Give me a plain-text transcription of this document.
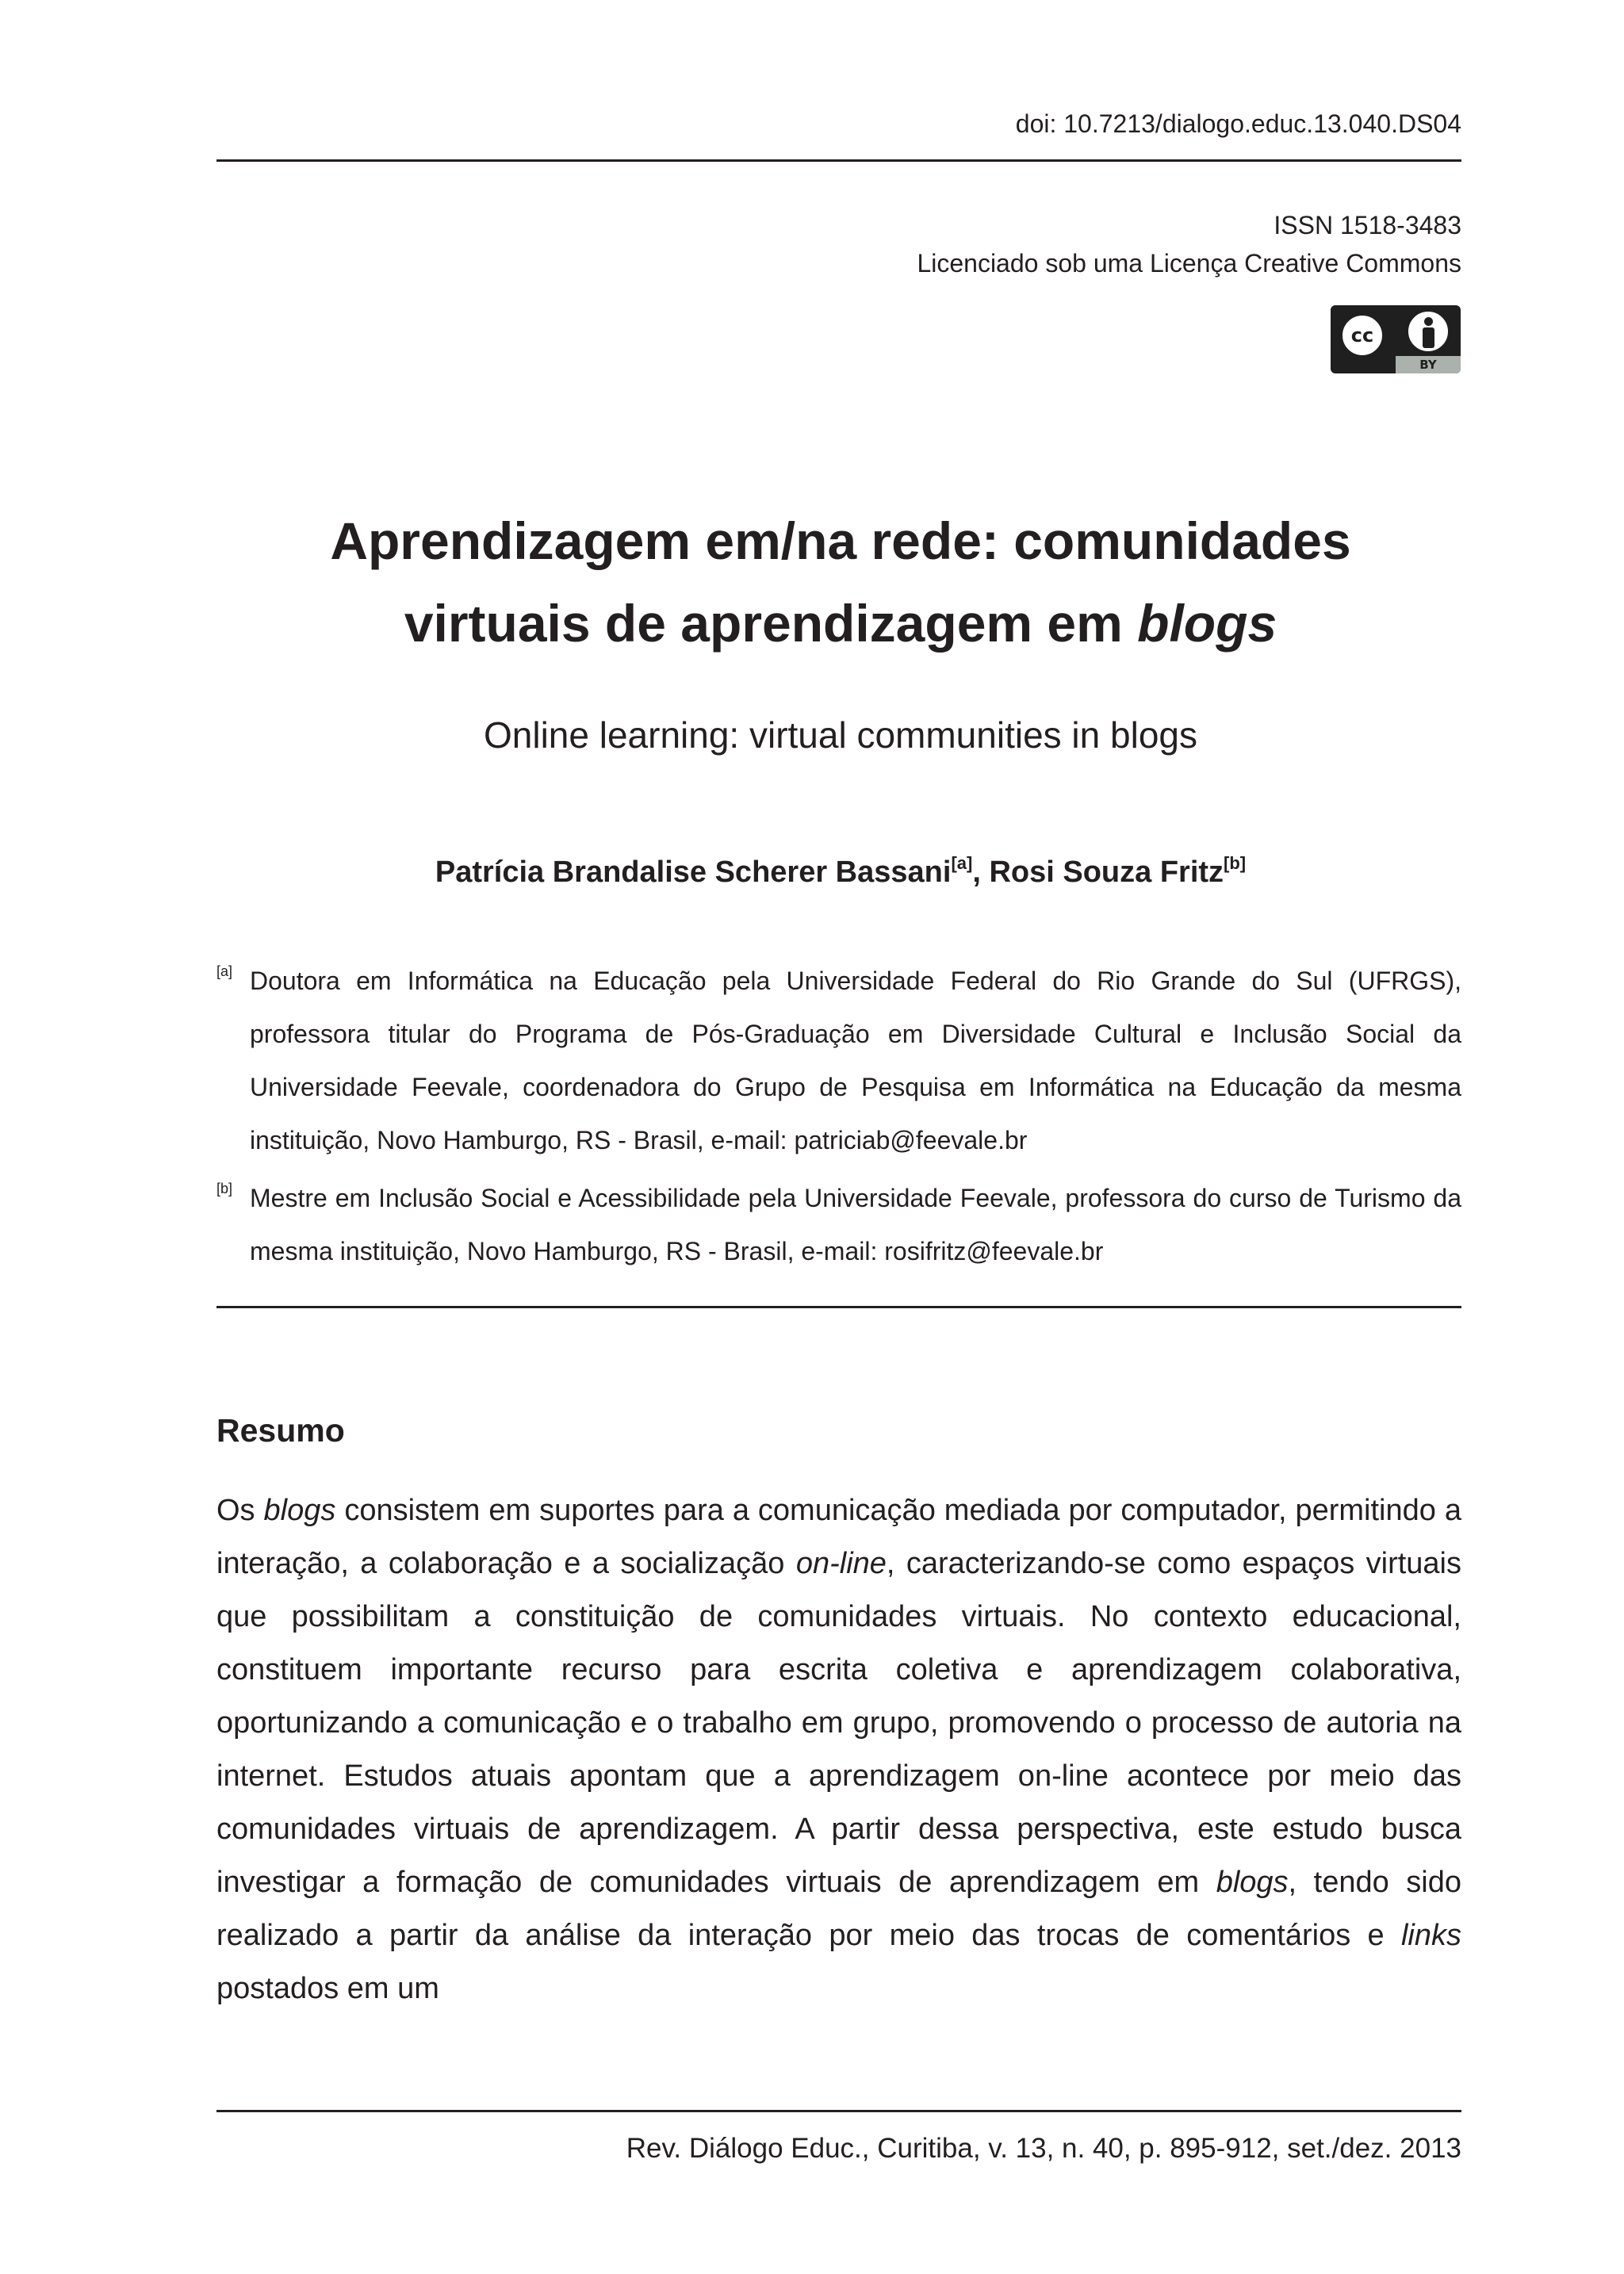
doi: 10.7213/dialogo.educ.13.040.DS04
ISSN 1518-3483
Licenciado sob uma Licença Creative Commons
cc
BY
Aprendizagem em/na rede: comunidades
virtuais de aprendizagem em blogs

Online learning: virtual communities in blogs

Patrícia Brandalise Scherer Bassani[a], Rosi Souza Fritz[b]
[a] Doutora em Informática na Educação pela Universidade Federal do Rio Grande do Sul (UFRGS), professora titular do Programa de Pós-Graduação em Diversidade Cultural e Inclusão Social da Universidade Feevale, coordenadora do Grupo de Pesquisa em Informática na Educação da mesma instituição, Novo Hamburgo, RS - Brasil, e-mail: patriciab@feevale.br
[b] Mestre em Inclusão Social e Acessibilidade pela Universidade Feevale, professora do curso de Turismo da mesma instituição, Novo Hamburgo, RS - Brasil, e-mail: rosifritz@feevale.br
Resumo

Os blogs consistem em suportes para a comunicação mediada por computador, permitindo a interação, a colaboração e a socialização on-line, caracterizando-se como espaços virtuais que possibilitam a constituição de comunidades virtuais. No contexto educacional, constituem importante recurso para escrita coletiva e aprendizagem colaborativa, oportunizando a comunicação e o trabalho em grupo, promovendo o processo de autoria na internet. Estudos atuais apontam que a aprendizagem on-line acontece por meio das comunidades virtuais de aprendizagem. A partir dessa perspectiva, este estudo busca investigar a formação de comunidades virtuais de aprendizagem em blogs, tendo sido realizado a partir da análise da interação por meio das trocas de comentários e links postados em um

Rev. Diálogo Educ., Curitiba, v. 13, n. 40, p. 895-912, set./dez. 2013
